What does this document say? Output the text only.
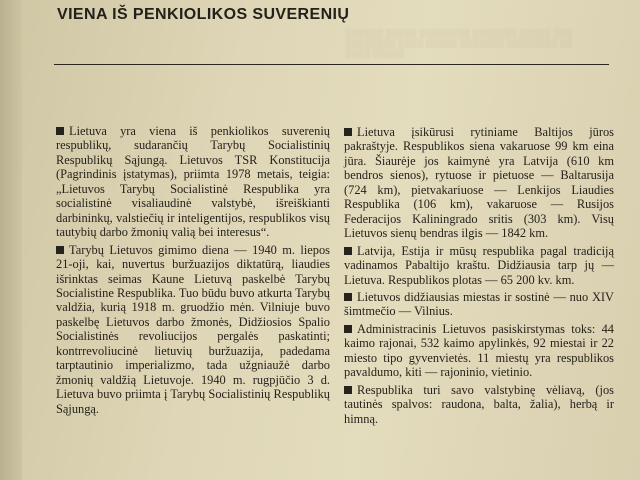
VIENA IŠ PENKIOLIKOS SUVERENIŲ
░░░░░░ ░░░░░ ░░░░░░░░ ░░░░░░░ ░░░░░ ░░░
░░░░░░░░ ░░░░ ░░░░░ ░░░░░░░ ░░░░░░░░ ░░
░░░░ ░░░░░

Lietuva yra viena iš penkiolikos suverenių respublikų, sudarančių Tarybų Socialistinių Respublikų Sąjungą. Lietuvos TSR Konstitucija (Pagrindinis įstatymas), priimta 1978 metais, teigia: „Lietuvos Tarybų Socialistinė Respublika yra socialistinė visaliaudinė valstybė, išreiškianti darbininkų, valstiečių ir inteligentijos, respublikos visų tautybių darbo žmonių valią bei interesus“.

Tarybų Lietuvos gimimo diena — 1940 m. liepos 21-oji, kai, nuvertus buržuazijos diktatūrą, liaudies išrinktas seimas Kaune Lietuvą paskelbė Tarybų Socialistine Respublika. Tuo būdu buvo atkurta Tarybų valdžia, kurią 1918 m. gruodžio mėn. Vilniuje buvo paskelbę Lietuvos darbo žmonės, Didžiosios Spalio Socialistinės revoliucijos pergalės paskatinti; kontrrevoliucinė lietuvių buržuazija, padedama tarptautinio imperializmo, tada užgniaužė darbo žmonių valdžią Lietuvoje. 1940 m. rugpjūčio 3 d. Lietuva buvo priimta į Tarybų Socialistinių Respublikų Sąjungą.

Lietuva įsikūrusi rytiniame Baltijos jūros pakraštyje. Respublikos siena vakaruose 99 km eina jūra. Šiaurėje jos kaimynė yra Latvija (610 km bendros sienos), rytuose ir pietuose — Baltarusija (724 km), pietvakariuose — Lenkijos Liaudies Respublika (106 km), vakaruose — Rusijos Federacijos Kaliningrado sritis (303 km). Visų Lietuvos sienų bendras ilgis — 1842 km.

Latvija, Estija ir mūsų respublika pagal tradiciją vadinamos Pabaltijo kraštu. Didžiausia tarp jų — Lietuva. Respublikos plotas — 65 200 kv. km.

Lietuvos didžiausias miestas ir sostinė — nuo XIV šimtmečio — Vilnius.

Administracinis Lietuvos pasiskirstymas toks: 44 kaimo rajonai, 532 kaimo apylinkės, 92 miestai ir 22 miesto tipo gyvenvietės. 11 miestų yra respublikos pavaldumo, kiti — rajoninio, vietinio.

Respublika turi savo valstybinę vėliavą, (jos tautinės spalvos: raudona, balta, žalia), herbą ir himną.
